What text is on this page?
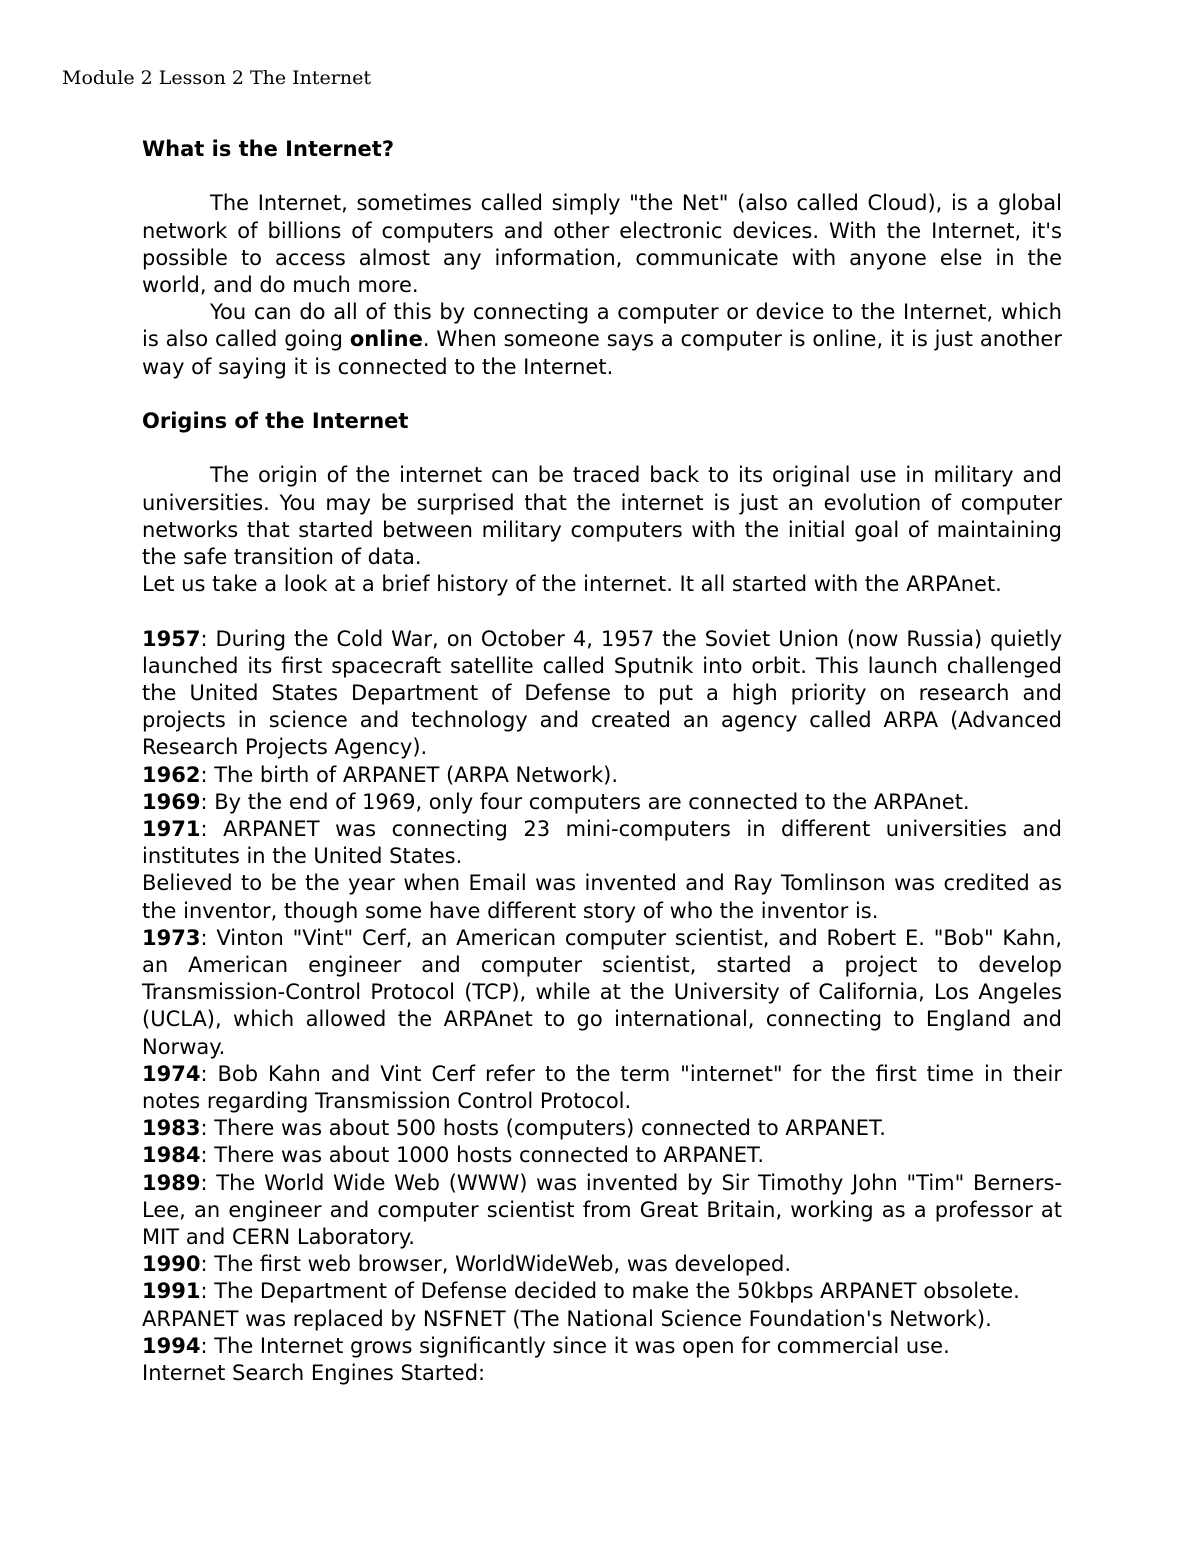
Module 2 Lesson 2 The Internet

What is the Internet?

The Internet, sometimes called simply "the Net" (also called Cloud), is a global network of billions of computers and other electronic devices. With the Internet, it's possible to access almost any information, communicate with anyone else in the world, and do much more.

You can do all of this by connecting a computer or device to the Internet, which is also called going online. When someone says a computer is online, it is just another way of saying it is connected to the Internet.

Origins of the Internet

The origin of the internet can be traced back to its original use in military and universities. You may be surprised that the internet is just an evolution of computer networks that started between military computers with the initial goal of maintaining the safe transition of data.

Let us take a look at a brief history of the internet. It all started with the ARPAnet.

1957: During the Cold War, on October 4, 1957 the Soviet Union (now Russia) quietly launched its first spacecraft satellite called Sputnik into orbit. This launch challenged the United States Department of Defense to put a high priority on research and projects in science and technology and created an agency called ARPA (Advanced Research Projects Agency).

1962: The birth of ARPANET (ARPA Network).

1969: By the end of 1969, only four computers are connected to the ARPAnet.

1971: ARPANET was connecting 23 mini-computers in different universities and institutes in the United States.

Believed to be the year when Email was invented and Ray Tomlinson was credited as the inventor, though some have different story of who the inventor is.

1973: Vinton "Vint" Cerf, an American computer scientist, and Robert E. "Bob" Kahn, an American engineer and computer scientist, started a project to develop Transmission-Control Protocol (TCP), while at the University of California, Los Angeles (UCLA), which allowed the ARPAnet to go international, connecting to England and Norway.

1974: Bob Kahn and Vint Cerf refer to the term "internet" for the first time in their notes regarding Transmission Control Protocol.

1983: There was about 500 hosts (computers) connected to ARPANET.

1984: There was about 1000 hosts connected to ARPANET.

1989: The World Wide Web (WWW) was invented by Sir Timothy John "Tim" Berners-Lee, an engineer and computer scientist from Great Britain, working as a professor at MIT and CERN Laboratory.

1990: The first web browser, WorldWideWeb, was developed.

1991: The Department of Defense decided to make the 50kbps ARPANET obsolete.

ARPANET was replaced by NSFNET (The National Science Foundation's Network).

1994: The Internet grows significantly since it was open for commercial use.

Internet Search Engines Started:
